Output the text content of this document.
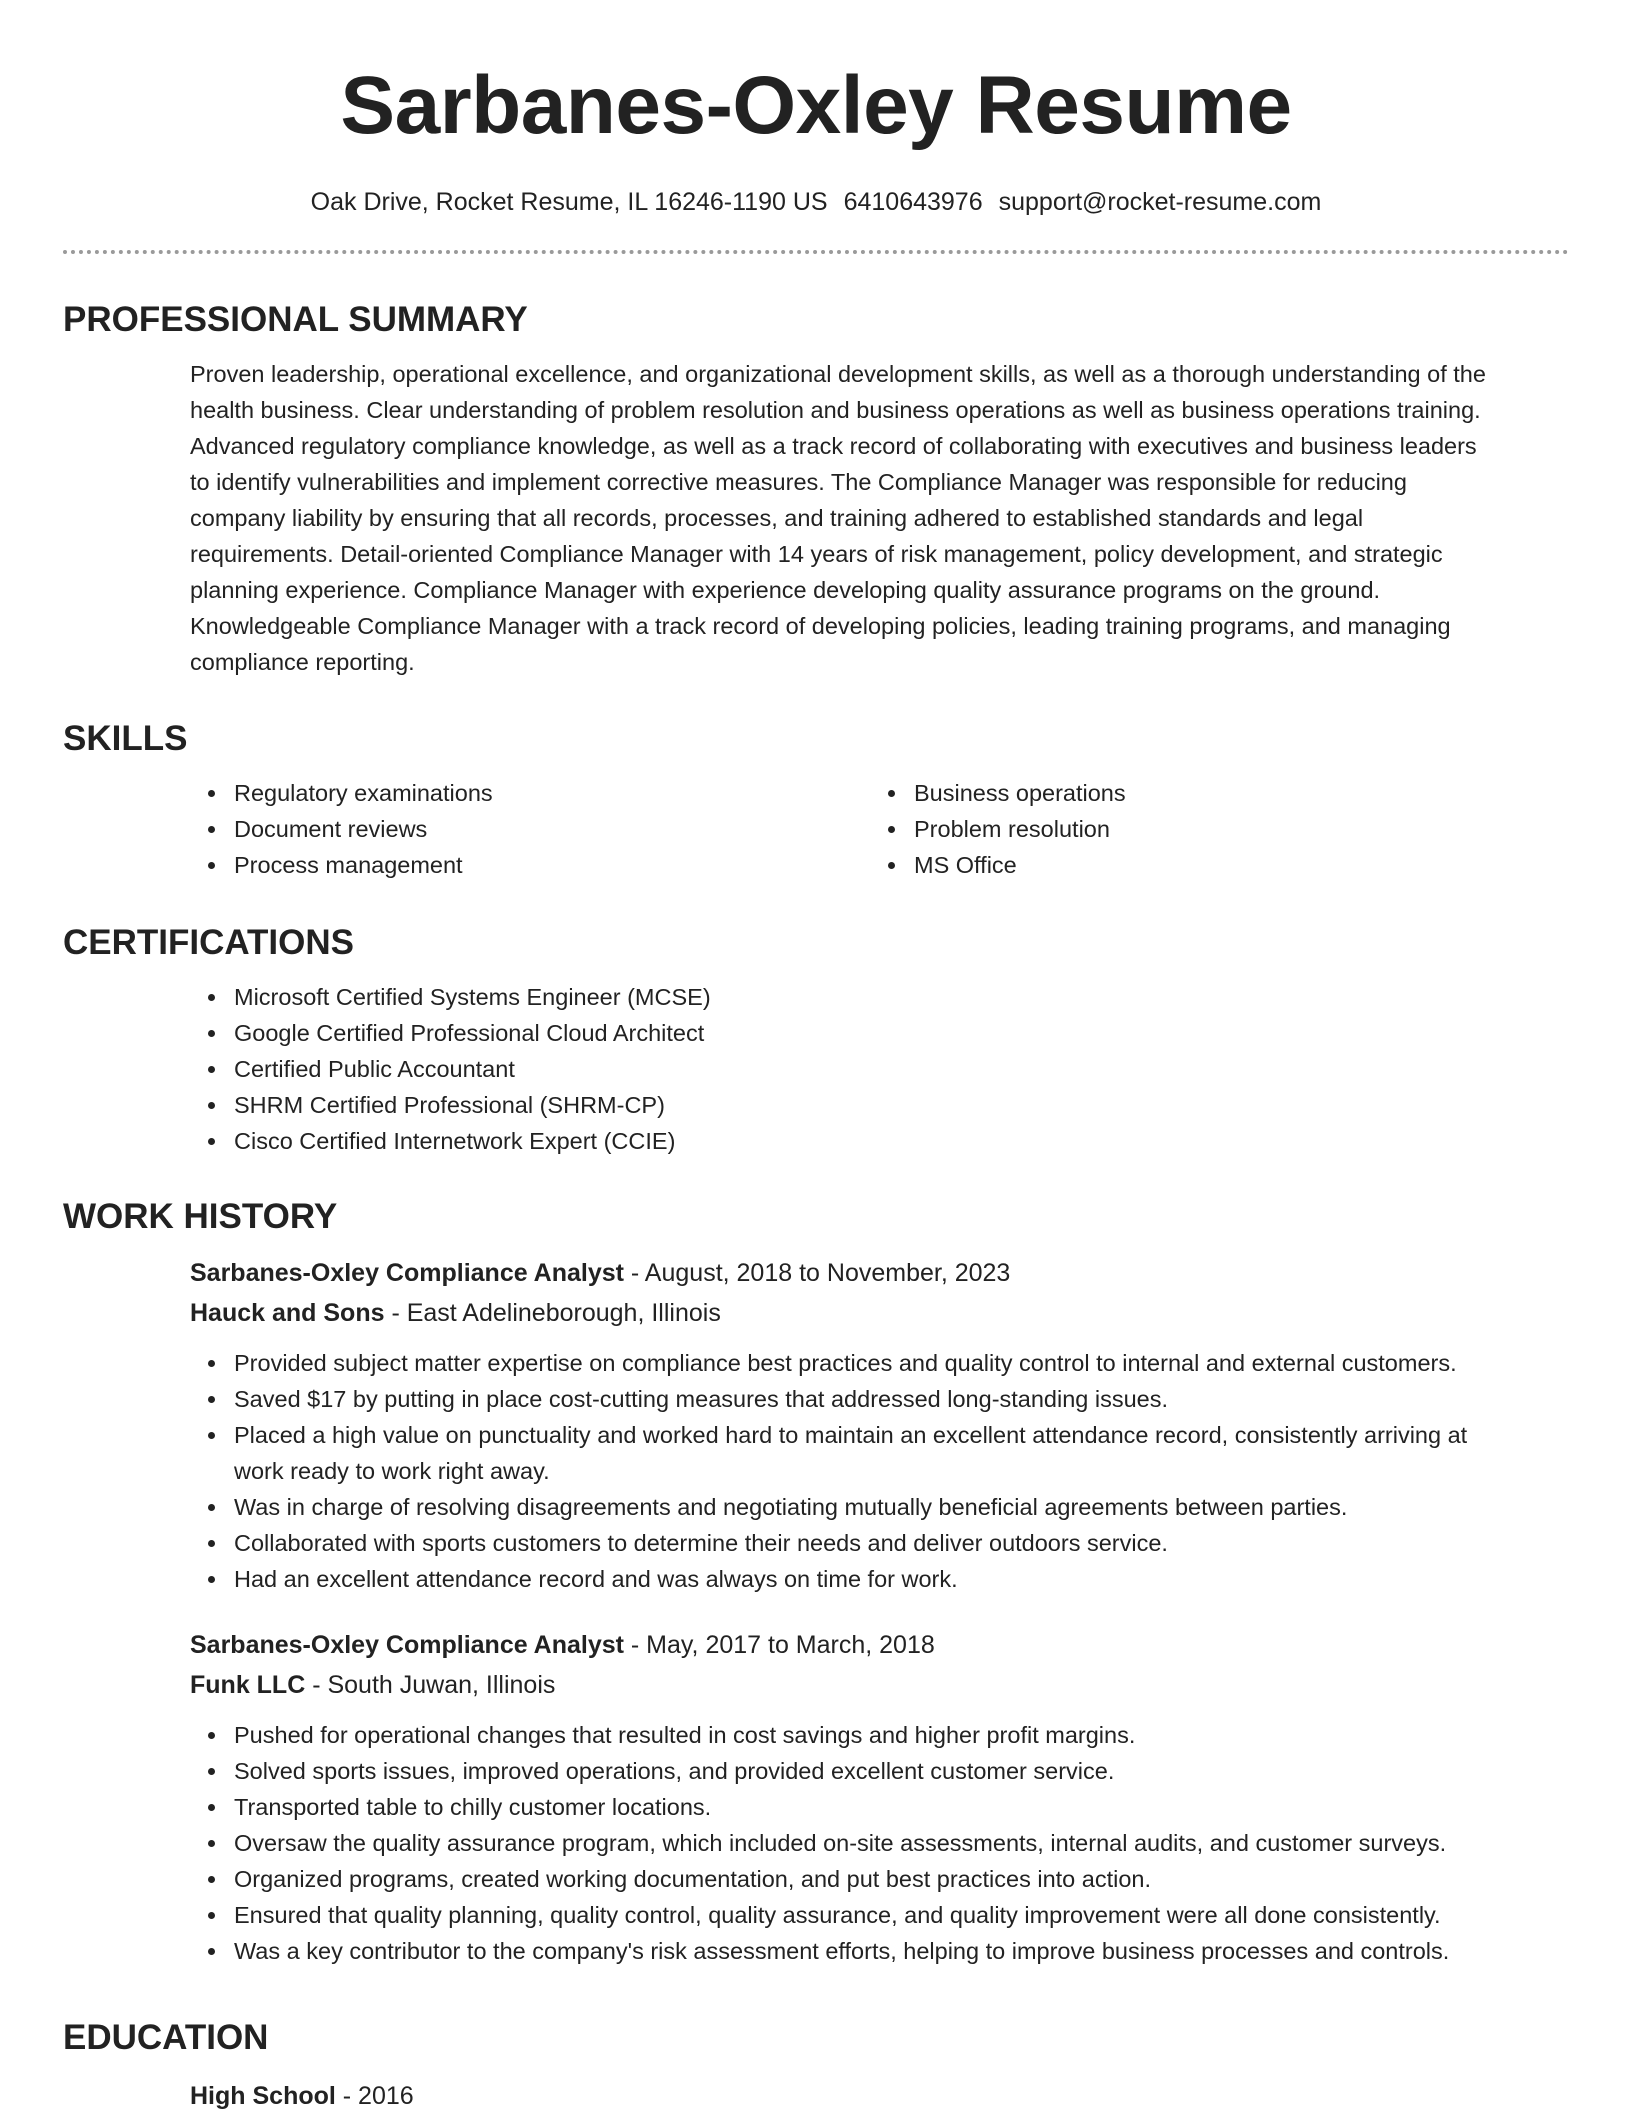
Sarbanes-Oxley Resume
Oak Drive, Rocket Resume, IL 16246-1190 US 6410643976 support@rocket-resume.com
PROFESSIONAL SUMMARY
Proven leadership, operational excellence, and organizational development skills, as well as a thorough understanding of the
health business. Clear understanding of problem resolution and business operations as well as business operations training.
Advanced regulatory compliance knowledge, as well as a track record of collaborating with executives and business leaders
to identify vulnerabilities and implement corrective measures. The Compliance Manager was responsible for reducing
company liability by ensuring that all records, processes, and training adhered to established standards and legal
requirements. Detail-oriented Compliance Manager with 14 years of risk management, policy development, and strategic
planning experience. Compliance Manager with experience developing quality assurance programs on the ground.
Knowledgeable Compliance Manager with a track record of developing policies, leading training programs, and managing
compliance reporting.
SKILLS
Regulatory examinations
Document reviews
Process management
Business operations
Problem resolution
MS Office
CERTIFICATIONS
Microsoft Certified Systems Engineer (MCSE)
Google Certified Professional Cloud Architect
Certified Public Accountant
SHRM Certified Professional (SHRM-CP)
Cisco Certified Internetwork Expert (CCIE)
WORK HISTORY
Sarbanes-Oxley Compliance Analyst - August, 2018 to November, 2023
Hauck and Sons - East Adelineborough, Illinois
Provided subject matter expertise on compliance best practices and quality control to internal and external customers.
Saved $17 by putting in place cost-cutting measures that addressed long-standing issues.
Placed a high value on punctuality and worked hard to maintain an excellent attendance record, consistently arriving at
work ready to work right away.
Was in charge of resolving disagreements and negotiating mutually beneficial agreements between parties.
Collaborated with sports customers to determine their needs and deliver outdoors service.
Had an excellent attendance record and was always on time for work.
Sarbanes-Oxley Compliance Analyst - May, 2017 to March, 2018
Funk LLC - South Juwan, Illinois
Pushed for operational changes that resulted in cost savings and higher profit margins.
Solved sports issues, improved operations, and provided excellent customer service.
Transported table to chilly customer locations.
Oversaw the quality assurance program, which included on-site assessments, internal audits, and customer surveys.
Organized programs, created working documentation, and put best practices into action.
Ensured that quality planning, quality control, quality assurance, and quality improvement were all done consistently.
Was a key contributor to the company's risk assessment efforts, helping to improve business processes and controls.
EDUCATION
High School - 2016
